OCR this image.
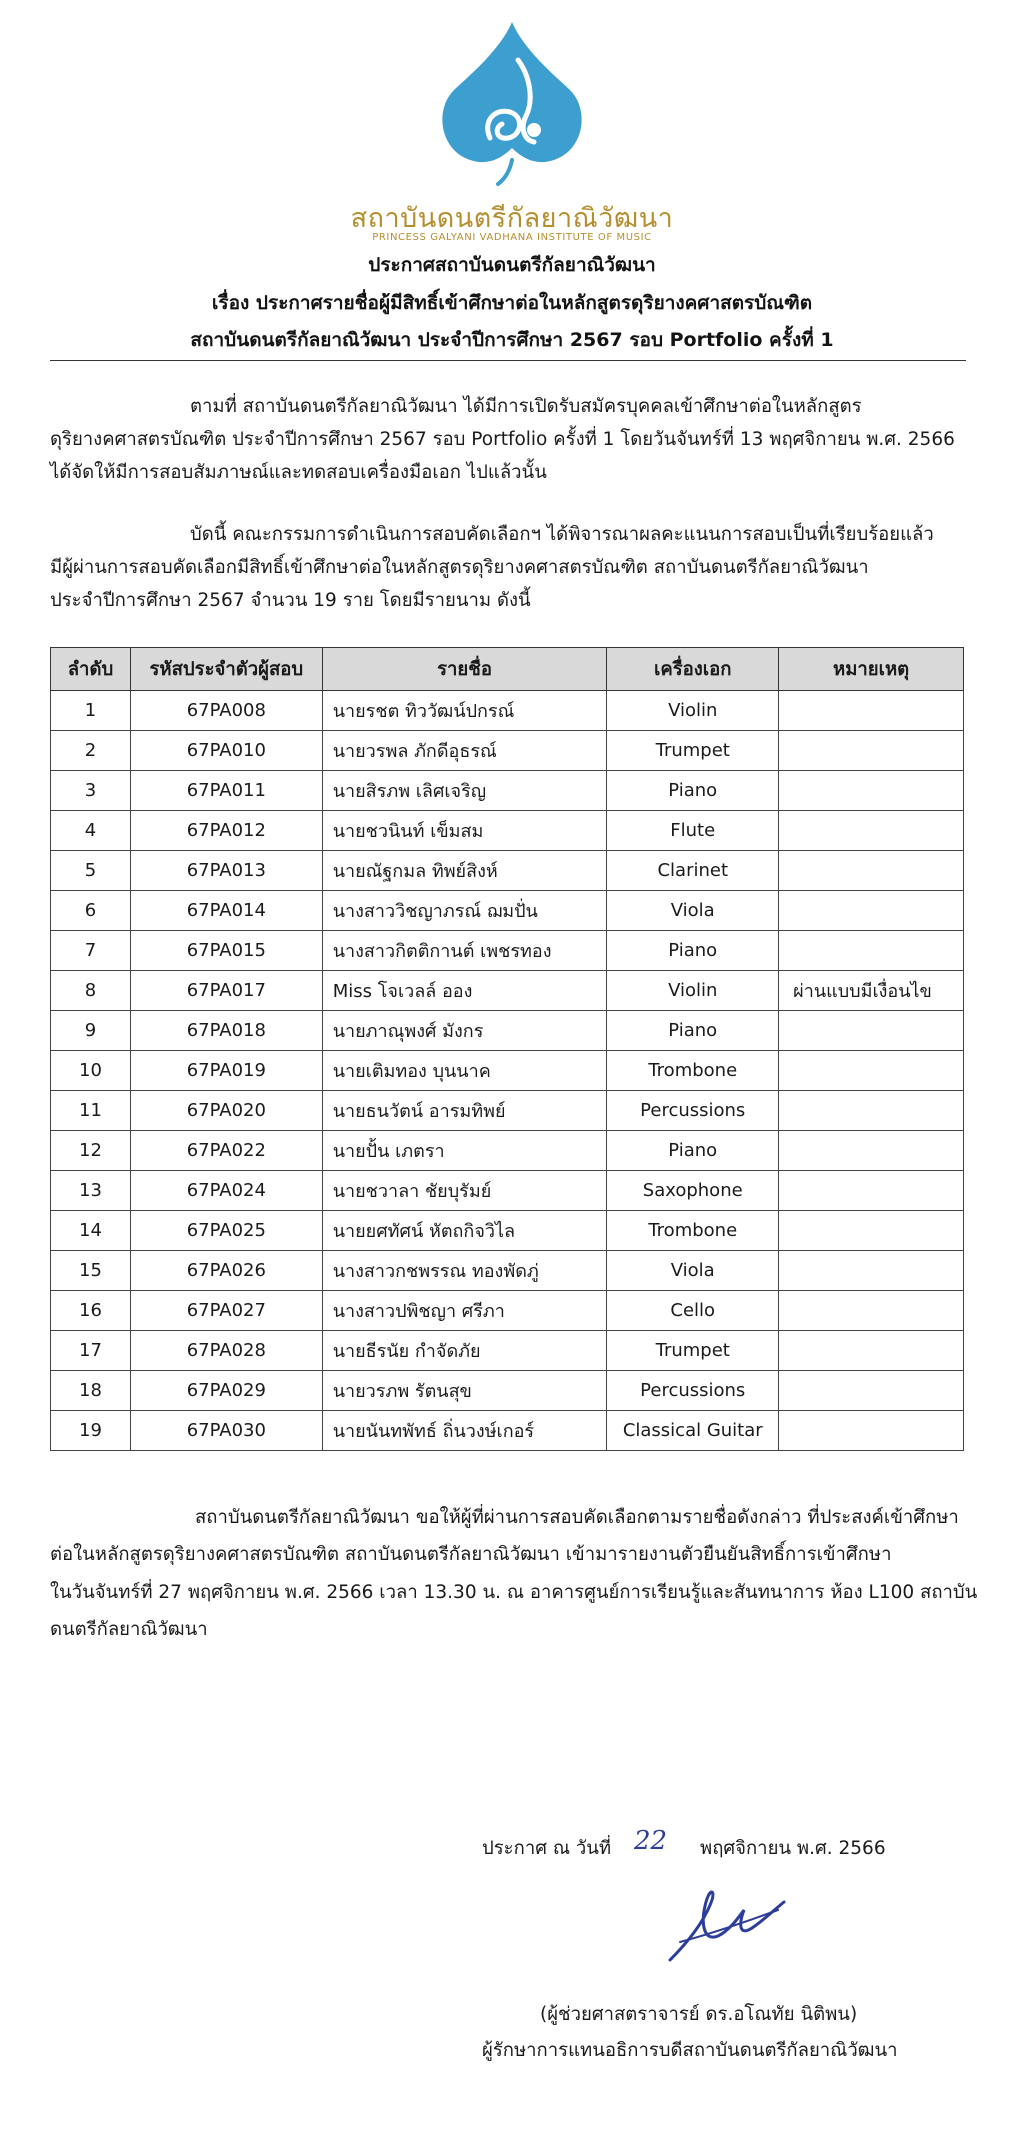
สถาบันดนตรีกัลยาณิวัฒนา
PRINCESS GALYANI VADHANA INSTITUTE OF MUSIC
ประกาศสถาบันดนตรีกัลยาณิวัฒนา
เรื่อง ประกาศรายชื่อผู้มีสิทธิ์เข้าศึกษาต่อในหลักสูตรดุริยางคศาสตรบัณฑิต
สถาบันดนตรีกัลยาณิวัฒนา ประจำปีการศึกษา 2567 รอบ Portfolio ครั้งที่ 1
ตามที่ สถาบันดนตรีกัลยาณิวัฒนา ได้มีการเปิดรับสมัครบุคคลเข้าศึกษาต่อในหลักสูตร
ดุริยางคศาสตรบัณฑิต ประจำปีการศึกษา 2567 รอบ Portfolio ครั้งที่ 1 โดยวันจันทร์ที่ 13 พฤศจิกายน พ.ศ. 2566
ได้จัดให้มีการสอบสัมภาษณ์และทดสอบเครื่องมือเอก ไปแล้วนั้น
บัดนี้ คณะกรรมการดำเนินการสอบคัดเลือกฯ ได้พิจารณาผลคะแนนการสอบเป็นที่เรียบร้อยแล้ว
มีผู้ผ่านการสอบคัดเลือกมีสิทธิ์เข้าศึกษาต่อในหลักสูตรดุริยางคศาสตรบัณฑิต สถาบันดนตรีกัลยาณิวัฒนา
ประจำปีการศึกษา 2567 จำนวน 19 ราย โดยมีรายนาม ดังนี้
ลำดับ	รหัสประจำตัวผู้สอบ	รายชื่อ	เครื่องเอก	หมายเหตุ
1	67PA008	นายรชต ทิววัฒน์ปกรณ์	Violin	
2	67PA010	นายวรพล ภักดีอุธรณ์	Trumpet	
3	67PA011	นายสิรภพ เลิศเจริญ	Piano	
4	67PA012	นายชวนินท์ เข็มสม	Flute	
5	67PA013	นายณัฐกมล ทิพย์สิงห์	Clarinet	
6	67PA014	นางสาววิชญาภรณ์ ฌมปั่น	Viola	
7	67PA015	นางสาวกิตติกานต์ เพชรทอง	Piano	
8	67PA017	Miss โจเวลล์ ออง	Violin	ผ่านแบบมีเงื่อนไข
9	67PA018	นายภาณุพงศ์ มังกร	Piano	
10	67PA019	นายเติมทอง บุนนาค	Trombone	
11	67PA020	นายธนวัตน์ อารมทิพย์	Percussions	
12	67PA022	นายปั้น เภตรา	Piano	
13	67PA024	นายชวาลา ชัยบุรัมย์	Saxophone	
14	67PA025	นายยศทัศน์ หัตถกิจวิไล	Trombone	
15	67PA026	นางสาวกชพรรณ ทองพัดภู่	Viola	
16	67PA027	นางสาวปพิชญา ศรีภา	Cello	
17	67PA028	นายธีรนัย กำจัดภัย	Trumpet	
18	67PA029	นายวรภพ รัตนสุข	Percussions	
19	67PA030	นายนันทพัทธ์ ถิ่นวงษ์เกอร์	Classical Guitar	
สถาบันดนตรีกัลยาณิวัฒนา ขอให้ผู้ที่ผ่านการสอบคัดเลือกตามรายชื่อดังกล่าว ที่ประสงค์เข้าศึกษา
ต่อในหลักสูตรดุริยางคศาสตรบัณฑิต สถาบันดนตรีกัลยาณิวัฒนา เข้ามารายงานตัวยืนยันสิทธิ์การเข้าศึกษา
ในวันจันทร์ที่ 27 พฤศจิกายน พ.ศ. 2566 เวลา 13.30 น. ณ อาคารศูนย์การเรียนรู้และสันทนาการ ห้อง L100 สถาบัน
ดนตรีกัลยาณิวัฒนา
ประกาศ ณ วันที่ 22 พฤศจิกายน พ.ศ. 2566
(ผู้ช่วยศาสตราจารย์ ดร.อโณทัย นิติพน)
ผู้รักษาการแทนอธิการบดีสถาบันดนตรีกัลยาณิวัฒนา
